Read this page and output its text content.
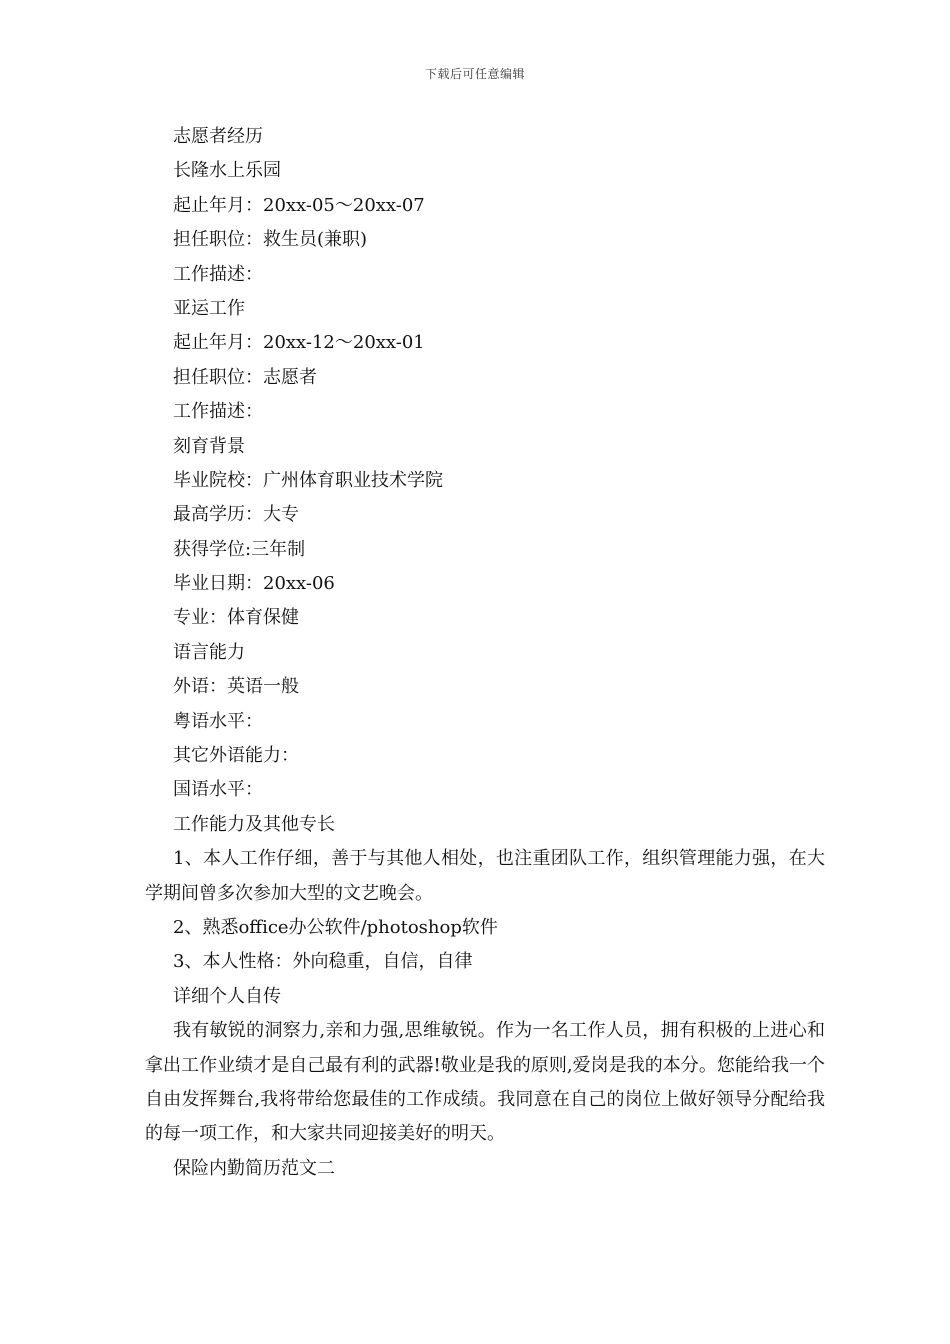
下载后可任意编辑
志愿者经历
长隆水上乐园
起止年月：20xx-05～20xx-07
担任职位：救生员(兼职)
工作描述：
亚运工作
起止年月：20xx-12～20xx-01
担任职位：志愿者
工作描述：
刻育背景
毕业院校：广州体育职业技术学院
最高学历：大专
获得学位:三年制
毕业日期：20xx-06
专业：体育保健
语言能力
外语：英语一般
粤语水平：
其它外语能力：
国语水平：
工作能力及其他专长
1、本人工作仔细，善于与其他人相处，也注重团队工作，组织管理能力强，在大学期间曾多次参加大型的文艺晚会。
2、熟悉office办公软件/photoshop软件
3、本人性格：外向稳重，自信，自律
详细个人自传
我有敏锐的洞察力,亲和力强,思维敏锐。作为一名工作人员，拥有积极的上进心和拿出工作业绩才是自己最有利的武器!敬业是我的原则,爱岗是我的本分。您能给我一个自由发挥舞台,我将带给您最佳的工作成绩。我同意在自己的岗位上做好领导分配给我的每一项工作，和大家共同迎接美好的明天。
保险内勤简历范文二
